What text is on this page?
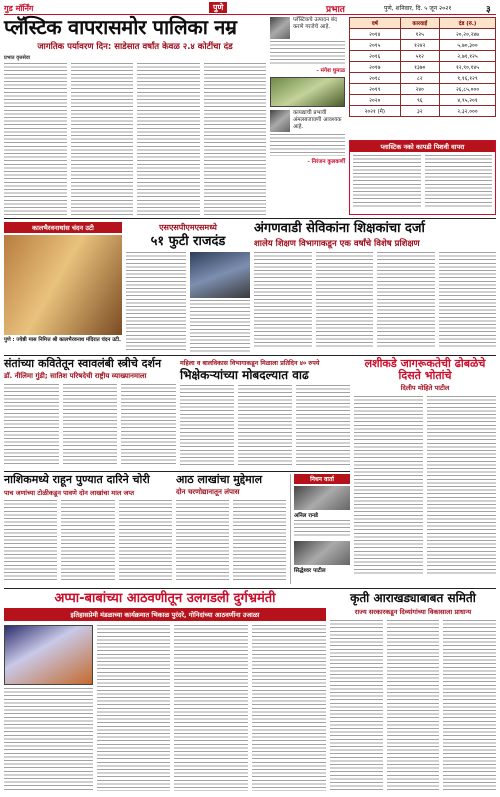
गुड मॉर्निंग	पुणे	प्रभात	पुणे, शनिवार, दि. ५ जून २०२१	३
प्लॅस्टिक वापरासमोर पालिका नम्र
जागतिक पर्यावरण दिन: साडेसात वर्षांत केवळ २.४ कोटींचा दंड
प्रभात वृत्तसेवा
प्लॅस्टिकचे उत्पादन बंद करणे गरजेचे आहे.
- मंगेश धुमाळ
कायद्याची प्रभावी अंमलबजावणी आवश्यक आहे.
- निरंजन कुलकर्णी
वर्ष	कारवाई	दंड (रु.)
२०१४	१२५	२०,२०,२४७
२०१५	१२४२	५,७०,३००
२०१६	५१२	२,७१,१२५
२०१७	१३७०	१२,९०,१४५
२०१८	८२	१,१६,१२९
२०१९	२४०	२६,८५,०००
२०२०	९६	४,९५,२०१
२०२१ (मे)	३२	२,३२,०००
प्लास्टिक नको कापडी पिशवी वापरा
कालभैरवनाथांस चंदन उटी
पुणे : ज्येष्ठी मास निमित्त श्री कालभैरवनाथ मंदिरात चंदन उटी.
एसएसपीएमएसमध्ये
५१ फुटी राजदंड
अंगणवाडी सेविकांना शिक्षकांचा दर्जा
शालेय शिक्षण विभागाकडून एक वर्षांचे विशेष प्रशिक्षण
संतांच्या कवितेतून स्वावलंबी स्त्रीचे दर्शन
डॉ. नीलिमा गुंडी; सातिश परिषदेची राष्ट्रीय व्याख्यानमाला
महिला व बालविकास विभागाकडून मिळाला प्रतिदिन ४० रुपये
भिक्षेकऱ्यांच्या मोबदल्यात वाढ
लशीकडे जागरूकतेची ढोबळेचे दिसते भोतांचे
दिलीप मोहिते पाटील
नाशिकमध्ये राहून पुण्यात दारिने चोरी
पाच जणांच्या टोळीकडून पावणे दोन लाखांचा माल जप्त
आठ लाखांचा मुद्देमाल
दोन चरणोद्यानातून लंपास
निधन वार्ता
अनिल रानडे
सिद्धेश्वर पाटील
अप्पा-बाबांच्या आठवणीतून उलगडली दुर्गभ्रमंती
इतिहासप्रेमी मंडळाच्या कार्यक्रमात भिकाळ पुरंदरे, गोनिदांच्या आठवणींना उजाळा
कृती आराखड्याबाबत समिती
राज्य सरकारकडून दिव्यांगांच्या विकासाला प्राधान्य
